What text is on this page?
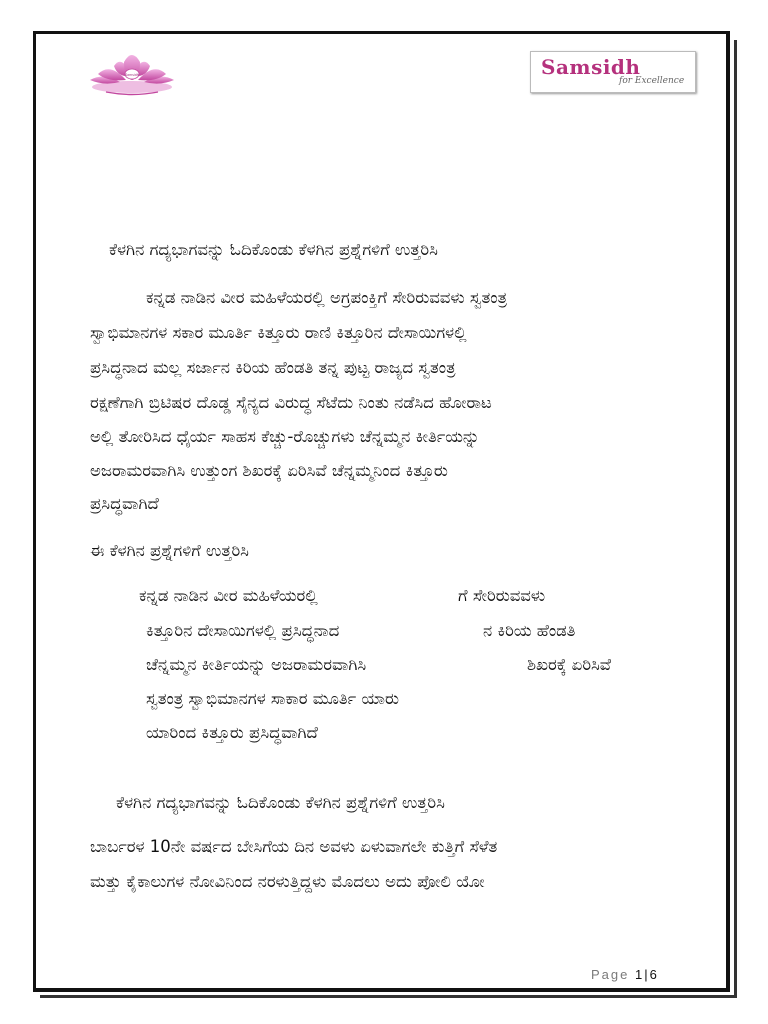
Samsidh	Samsidh
for Excellence
ಕೆಳಗಿನ ಗದ್ಯಭಾಗವನ್ನು ಓದಿಕೊಂಡು ಕೆಳಗಿನ ಪ್ರಶ್ನೆಗಳಿಗೆ ಉತ್ತರಿಸಿ
ಕನ್ನಡ ನಾಡಿನ ವೀರ ಮಹಿಳೆಯರಲ್ಲಿ ಅಗ್ರಪಂಕ್ತಿಗೆ ಸೇರಿರುವವಳು ಸ್ವತಂತ್ರ
ಸ್ವಾಭಿಮಾನಗಳ ಸಕಾರ ಮೂರ್ತಿ ಕಿತ್ತೂರು ರಾಣಿ ಕಿತ್ತೂರಿನ ದೇಸಾಯಿಗಳಲ್ಲಿ
ಪ್ರಸಿದ್ಧನಾದ ಮಲ್ಲ ಸರ್ಜಾನ ಕಿರಿಯ ಹೆಂಡತಿ ತನ್ನ ಪುಟ್ಟ ರಾಜ್ಯದ ಸ್ವತಂತ್ರ
ರಕ್ಷಣೆಗಾಗಿ ಬ್ರಿಟಿಷರ ದೊಡ್ಡ ಸೈನ್ಯದ ವಿರುದ್ಧ ಸೆಟೆದು ನಿಂತು ನಡೆಸಿದ ಹೋರಾಟ
ಅಲ್ಲಿ ತೋರಿಸಿದ ಧೈರ್ಯ ಸಾಹಸ ಕೆಚ್ಚು-ರೊಚ್ಚುಗಳು ಚೆನ್ನಮ್ಮನ ಕೀರ್ತಿಯನ್ನು
ಅಜರಾಮರವಾಗಿಸಿ ಉತ್ತುಂಗ ಶಿಖರಕ್ಕೆ ಏರಿಸಿವೆ ಚೆನ್ನಮ್ಮನಿಂದ ಕಿತ್ತೂರು
ಪ್ರಸಿದ್ಧವಾಗಿದೆ
ಈ ಕೆಳಗಿನ ಪ್ರಶ್ನೆಗಳಿಗೆ ಉತ್ತರಿಸಿ
ಕನ್ನಡ ನಾಡಿನ ವೀರ ಮಹಿಳೆಯರಲ್ಲಿ	ಗೆ ಸೇರಿರುವವಳು
ಕಿತ್ತೂರಿನ ದೇಸಾಯಿಗಳಲ್ಲಿ ಪ್ರಸಿದ್ಧನಾದ	ನ ಕಿರಿಯ ಹೆಂಡತಿ
ಚೆನ್ನಮ್ಮನ ಕೀರ್ತಿಯನ್ನು ಅಜರಾಮರವಾಗಿಸಿ	ಶಿಖರಕ್ಕೆ ಏರಿಸಿವೆ
ಸ್ವತಂತ್ರ ಸ್ವಾಭಿಮಾನಗಳ ಸಾಕಾರ ಮೂರ್ತಿ ಯಾರು
ಯಾರಿಂದ ಕಿತ್ತೂರು ಪ್ರಸಿದ್ಧವಾಗಿದೆ
ಕೆಳಗಿನ ಗದ್ಯಭಾಗವನ್ನು ಓದಿಕೊಂಡು ಕೆಳಗಿನ ಪ್ರಶ್ನೆಗಳಿಗೆ ಉತ್ತರಿಸಿ
ಬಾರ್ಬರಳ 10ನೇ ವರ್ಷದ ಬೇಸಿಗೆಯ ದಿನ ಅವಳು ಏಳುವಾಗಲೇ ಕುತ್ತಿಗೆ ಸೆಳೆತ
ಮತ್ತು ಕೈಕಾಲುಗಳ ನೋವಿನಿಂದ ನರಳುತ್ತಿದ್ದಳು ಮೊದಲು ಅದು ಪೋಲಿ ಯೋ
Page 1 | 6
